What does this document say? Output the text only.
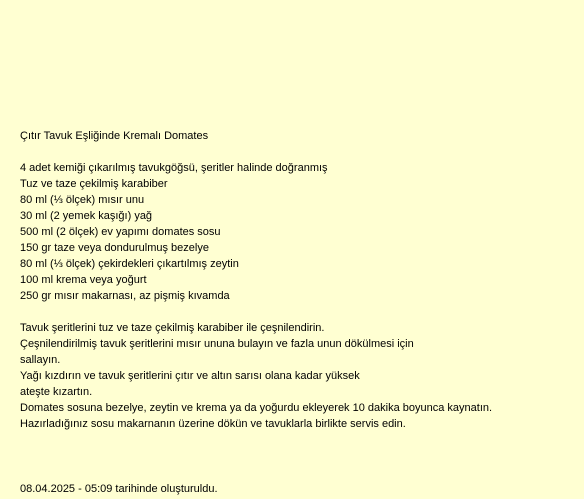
Çıtır Tavuk Eşliğinde Kremalı Domates
4 adet kemiği çıkarılmış tavukgöğsü, şeritler halinde doğranmış
Tuz ve taze çekilmiş karabiber
80 ml (⅓ ölçek) mısır unu
30 ml (2 yemek kaşığı) yağ
500 ml (2 ölçek) ev yapımı domates sosu
150 gr taze veya dondurulmuş bezelye
80 ml (⅓ ölçek) çekirdekleri çıkartılmış zeytin
100 ml krema veya yoğurt
250 gr mısır makarnası, az pişmiş kıvamda
Tavuk şeritlerini tuz ve taze çekilmiş karabiber ile çeşnilendirin.
Çeşnilendirilmiş tavuk şeritlerini mısır ununa bulayın ve fazla unun dökülmesi için
sallayın.
Yağı kızdırın ve tavuk şeritlerini çıtır ve altın sarısı olana kadar yüksek
ateşte kızartın.
Domates sosuna bezelye, zeytin ve krema ya da yoğurdu ekleyerek 10 dakika boyunca kaynatın.
Hazırladığınız sosu makarnanın üzerine dökün ve tavuklarla birlikte servis edin.
08.04.2025 - 05:09 tarihinde oluşturuldu.
